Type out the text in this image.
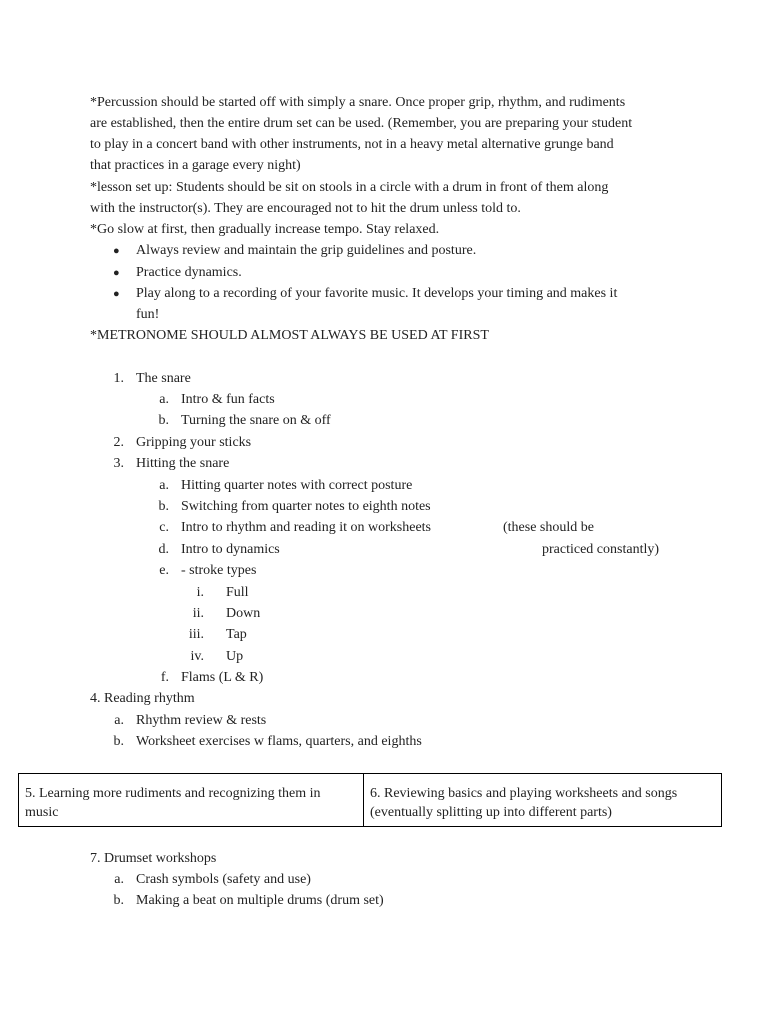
*Percussion should be started off with simply a snare. Once proper grip, rhythm, and rudiments
are established, then the entire drum set can be used. (Remember, you are preparing your student
to play in a concert band with other instruments, not in a heavy metal alternative grunge band
that practices in a garage every night)
*lesson set up: Students should be sit on stools in a circle with a drum in front of them along
with the instructor(s). They are encouraged not to hit the drum unless told to.
*Go slow at first, then gradually increase tempo. Stay relaxed.
● Always review and maintain the grip guidelines and posture.
● Practice dynamics.
● Play along to a recording of your favorite music. It develops your timing and makes it
fun!
*METRONOME SHOULD ALMOST ALWAYS BE USED AT FIRST
1. The snare
a. Intro & fun facts
b. Turning the snare on & off
2. Gripping your sticks
3. Hitting the snare
a. Hitting quarter notes with correct posture
b. Switching from quarter notes to eighth notes
c. Intro to rhythm and reading it on worksheets	(these should be
d. Intro to dynamics	practiced constantly)
e. - stroke types
i. Full
ii. Down
iii. Tap
iv. Up
f. Flams (L & R)
4. Reading rhythm
a. Rhythm review & rests
b. Worksheet exercises w flams, quarters, and eighths
5. Learning more rudiments and recognizing them in music
6. Reviewing basics and playing worksheets and songs (eventually splitting up into different parts)
7. Drumset workshops
a. Crash symbols (safety and use)
b. Making a beat on multiple drums (drum set)
